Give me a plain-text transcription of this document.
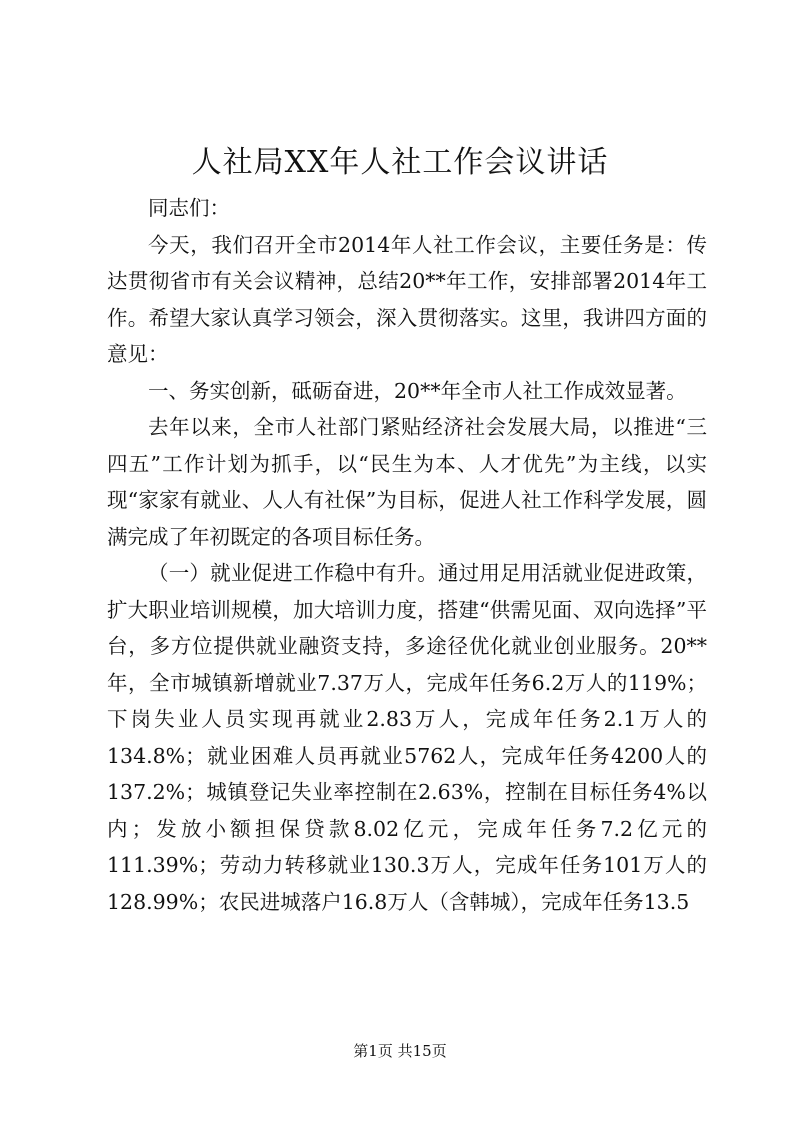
人社局XX年人社工作会议讲话

同志们：

今天，我们召开全市2014年人社工作会议，主要任务是：传达贯彻省市有关会议精神，总结20**年工作，安排部署2014年工作。希望大家认真学习领会，深入贯彻落实。这里，我讲四方面的意见：

一、务实创新，砥砺奋进，20**年全市人社工作成效显著。

去年以来，全市人社部门紧贴经济社会发展大局，以推进“三四五”工作计划为抓手，以“民生为本、人才优先”为主线，以实现“家家有就业、人人有社保”为目标，促进人社工作科学发展，圆满完成了年初既定的各项目标任务。

（一）就业促进工作稳中有升。通过用足用活就业促进政策，扩大职业培训规模，加大培训力度，搭建“供需见面、双向选择”平台，多方位提供就业融资支持，多途径优化就业创业服务。20**年，全市城镇新增就业7.37万人，完成年任务6.2万人的119%；下岗失业人员实现再就业2.83万人，完成年任务2.1万人的134.8%；就业困难人员再就业5762人，完成年任务4200人的137.2%；城镇登记失业率控制在2.63%，控制在目标任务4%以内；发放小额担保贷款8.02亿元，完成年任务7.2亿元的111.39%；劳动力转移就业130.3万人，完成年任务101万人的128.99%；农民进城落户16.8万人（含韩城），完成年任务13.5

第1页 共15页
